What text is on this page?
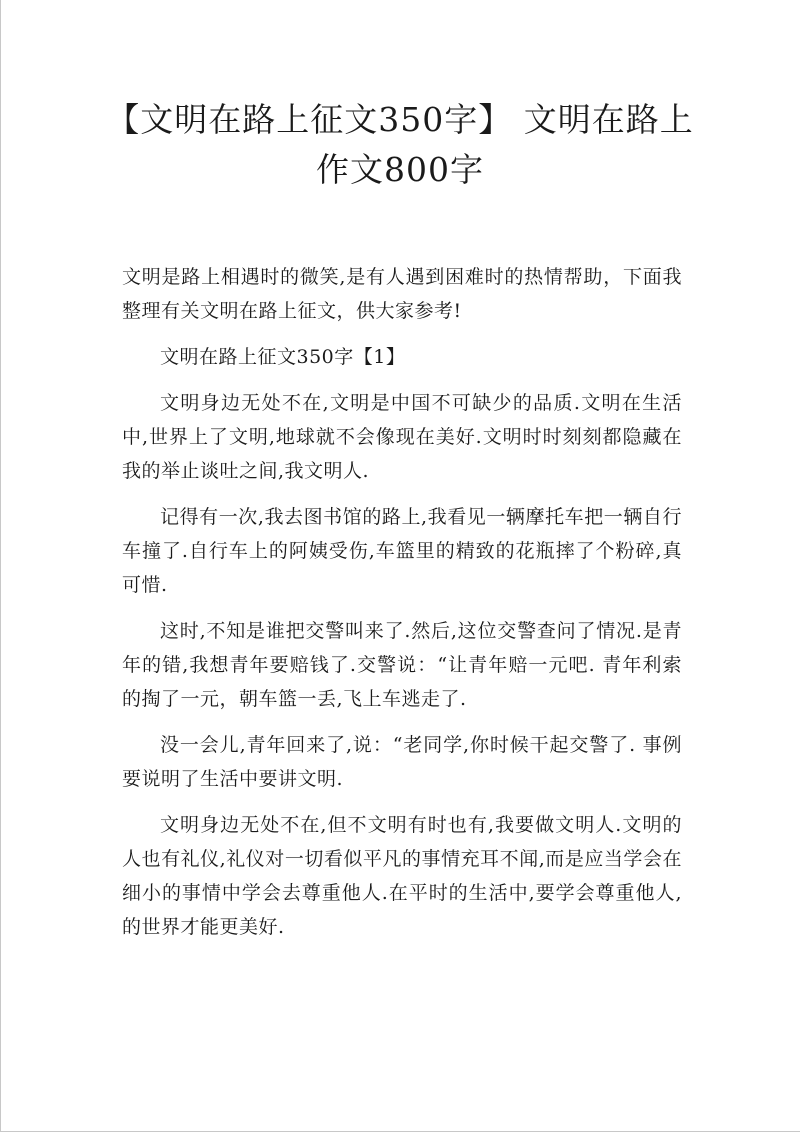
【文明在路上征文350字】 文明在路上作文800字

文明是路上相遇时的微笑,是有人遇到困难时的热情帮助，下面我整理有关文明在路上征文，供大家参考!

文明在路上征文350字【1】

文明身边无处不在,文明是中国不可缺少的品质.文明在生活中,世界上了文明,地球就不会像现在美好.文明时时刻刻都隐藏在我的举止谈吐之间,我文明人.

记得有一次,我去图书馆的路上,我看见一辆摩托车把一辆自行车撞了.自行车上的阿姨受伤,车篮里的精致的花瓶摔了个粉碎,真可惜.

这时,不知是谁把交警叫来了.然后,这位交警查问了情况.是青年的错,我想青年要赔钱了.交警说：“让青年赔一元吧. 青年利索的掏了一元，朝车篮一丢,飞上车逃走了.

没一会儿,青年回来了,说：“老同学,你时候干起交警了. 事例要说明了生活中要讲文明.

文明身边无处不在,但不文明有时也有,我要做文明人.文明的人也有礼仪,礼仪对一切看似平凡的事情充耳不闻,而是应当学会在细小的事情中学会去尊重他人.在平时的生活中,要学会尊重他人,的世界才能更美好.
